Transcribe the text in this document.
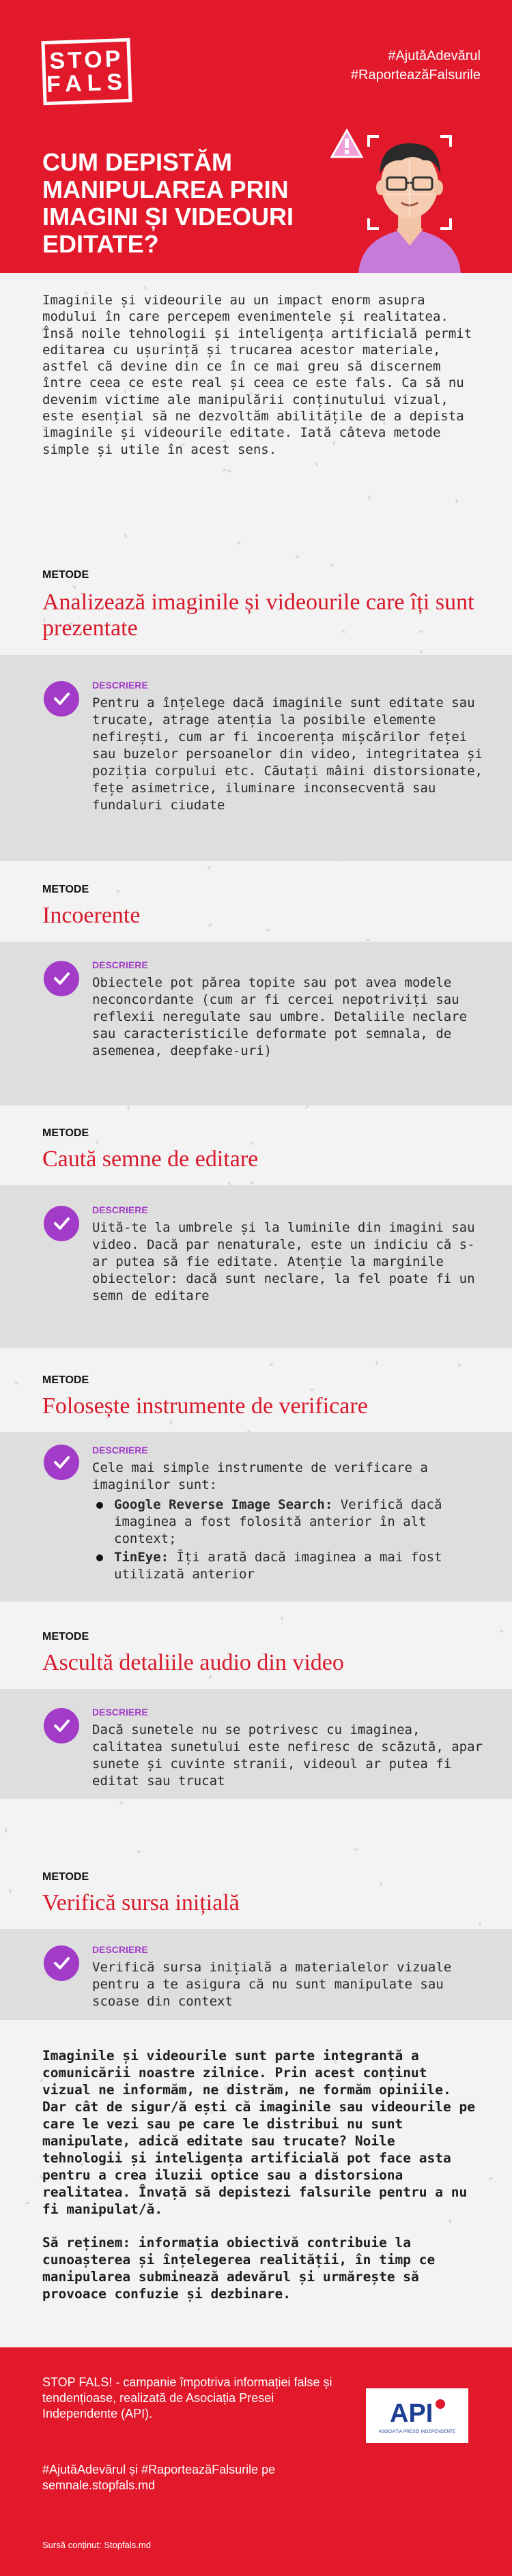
STOP
FALS
#AjutăAdevărul
#RaporteazăFalsurile
CUM DEPISTĂM MANIPULAREA PRIN IMAGINI ȘI VIDEOURI EDITATE?
Imaginile și videourile au un impact enorm asupra modului în care percepem evenimentele și realitatea. Însă noile tehnologii și inteligența artificială permit editarea cu ușurință și trucarea acestor materiale, astfel că devine din ce în ce mai greu să discernem între ceea ce este real și ceea ce este fals. Ca să nu devenim victime ale manipulării conținutului vizual, este esențial să ne dezvoltăm abilitățile de a depista imaginile și videourile editate. Iată câteva metode simple și utile în acest sens.
METODE
Analizează imaginile și videourile care îți sunt prezentate
DESCRIERE
Pentru a înțelege dacă imaginile sunt editate sau trucate, atrage atenția la posibile elemente nefirești, cum ar fi incoerența mișcărilor feței sau buzelor persoanelor din video, integritatea și poziția corpului etc. Căutați mâini distorsionate, fețe asimetrice, iluminare inconsecventă sau fundaluri ciudate
METODE
Incoerente
DESCRIERE
Obiectele pot părea topite sau pot avea modele neconcordante (cum ar fi cercei nepotriviți sau reflexii neregulate sau umbre. Detaliile neclare sau caracteristicile deformate pot semnala, de asemenea, deepfake-uri)
METODE
Caută semne de editare
DESCRIERE
Uită-te la umbrele și la luminile din imagini sau video. Dacă par nenaturale, este un indiciu că s-ar putea să fie editate. Atenție la marginile obiectelor: dacă sunt neclare, la fel poate fi un semn de editare
METODE
Folosește instrumente de verificare
DESCRIERE
Cele mai simple instrumente de verificare a imaginilor sunt:
Google Reverse Image Search: Verifică dacă imaginea a fost folosită anterior în alt context;
TinEye: Îți arată dacă imaginea a mai fost utilizată anterior
METODE
Ascultă detaliile audio din video
DESCRIERE
Dacă sunetele nu se potrivesc cu imaginea, calitatea sunetului este nefiresc de scăzută, apar sunete și cuvinte stranii, videoul ar putea fi editat sau trucat
METODE
Verifică sursa inițială
DESCRIERE
Verifică sursa inițială a materialelor vizuale pentru a te asigura că nu sunt manipulate sau scoase din context

Imaginile și videourile sunt parte integrantă a comunicării noastre zilnice. Prin acest conținut vizual ne informăm, ne distrăm, ne formăm opiniile. Dar cât de sigur/ă ești că imaginile sau videourile pe care le vezi sau pe care le distribui nu sunt manipulate, adică editate sau trucate? Noile tehnologii și inteligența artificială pot face asta pentru a crea iluzii optice sau a distorsiona realitatea. Învață să depistezi falsurile pentru a nu fi manipulat/ă.

Să reținem: informația obiectivă contribuie la cunoașterea și înțelegerea realității, în timp ce manipularea subminează adevărul și urmărește să provoace confuzie și dezbinare.

STOP FALS! - campanie împotriva informației false și tendențioase, realizată de Asociația Presei Independente (API).	API
ASOCIAȚIA PRESEI INDEPENDENTE
#AjutăAdevărul și #RaporteazăFalsurile pe semnale.stopfals.md
Sursă conținut: Stopfals.md
